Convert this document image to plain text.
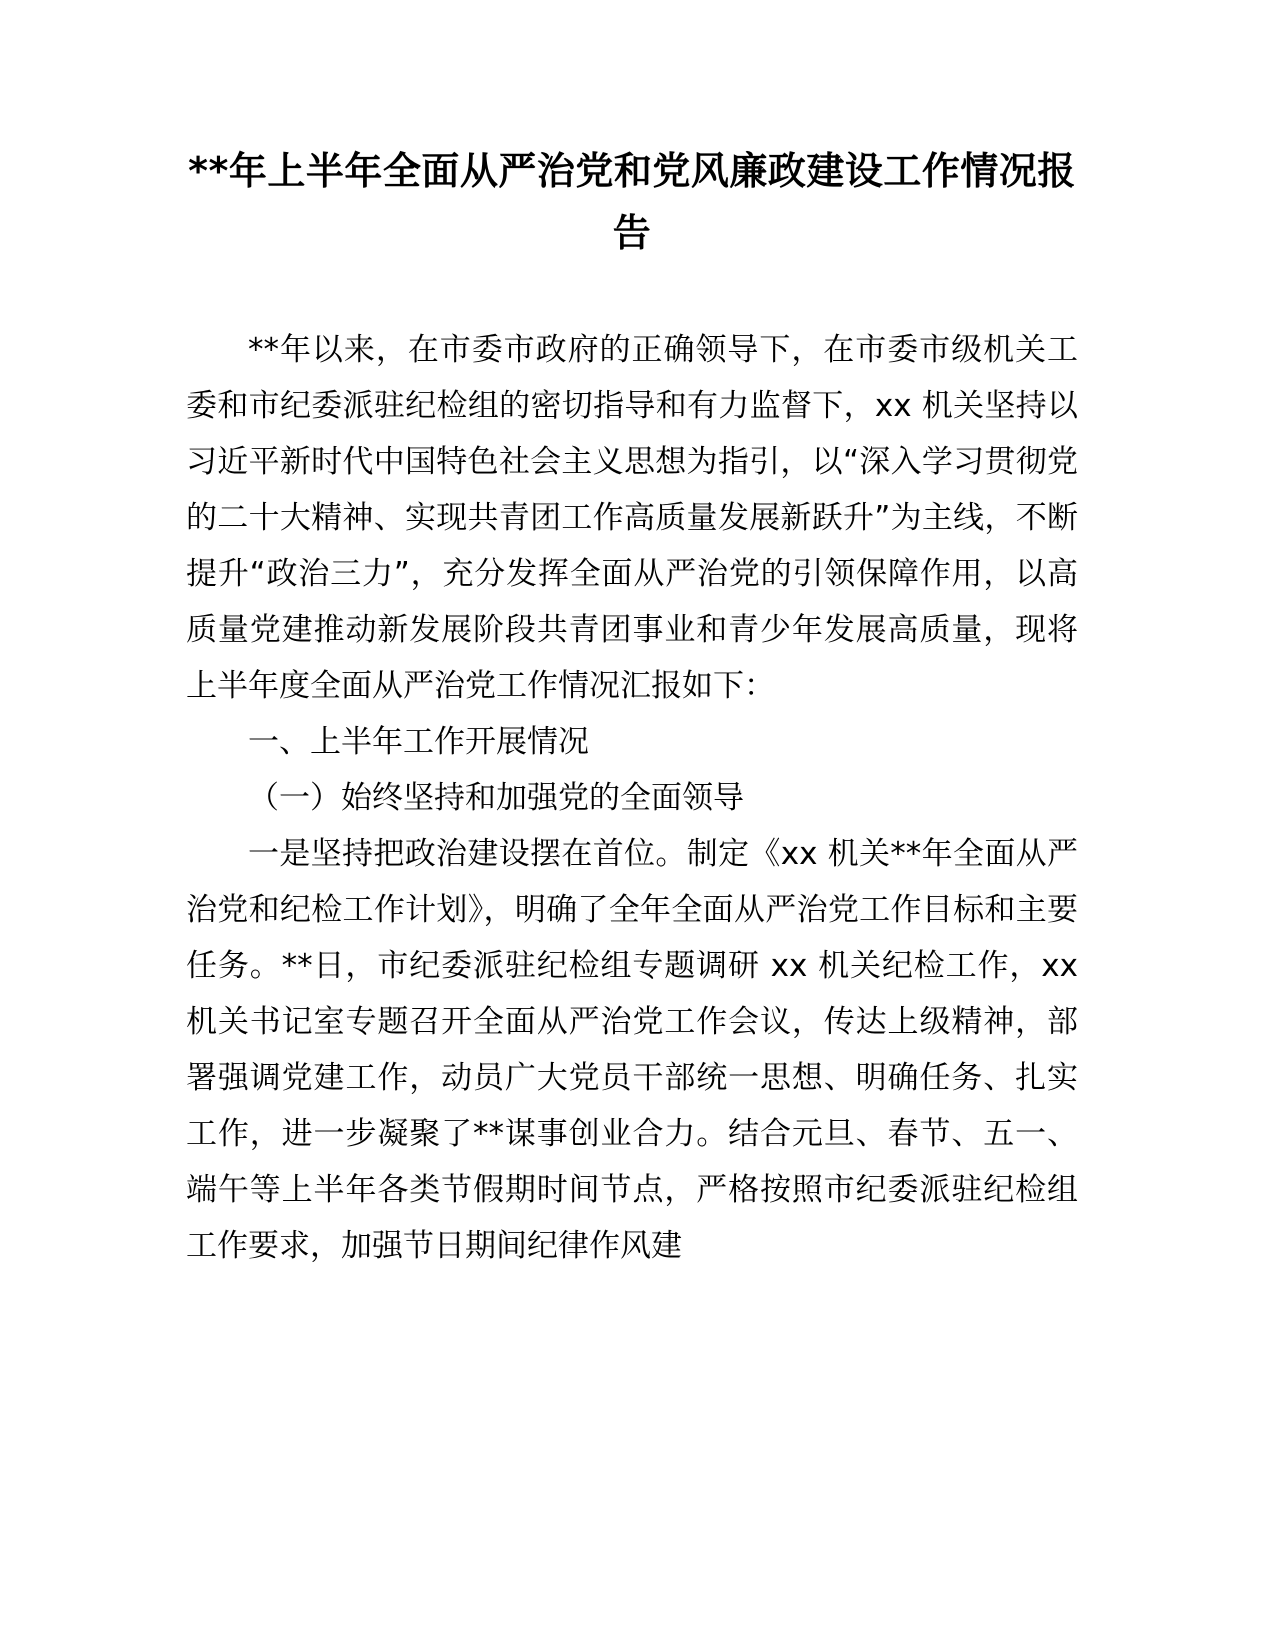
**年上半年全面从严治党和党风廉政建设工作情况报告

**年以来，在市委市政府的正确领导下，在市委市级机关工委和市纪委派驻纪检组的密切指导和有力监督下，xx 机关坚持以习近平新时代中国特色社会主义思想为指引，以“深入学习贯彻党的二十大精神、实现共青团工作高质量发展新跃升”为主线，不断提升“政治三力”，充分发挥全面从严治党的引领保障作用，以高质量党建推动新发展阶段共青团事业和青少年发展高质量，现将上半年度全面从严治党工作情况汇报如下：

一、上半年工作开展情况

（一）始终坚持和加强党的全面领导

一是坚持把政治建设摆在首位。制定《xx 机关**年全面从严治党和纪检工作计划》，明确了全年全面从严治党工作目标和主要任务。**日，市纪委派驻纪检组专题调研 xx 机关纪检工作，xx 机关书记室专题召开全面从严治党工作会议，传达上级精神，部署强调党建工作，动员广大党员干部统一思想、明确任务、扎实工作，进一步凝聚了**谋事创业合力。结合元旦、春节、五一、端午等上半年各类节假期时间节点，严格按照市纪委派驻纪检组工作要求，加强节日期间纪律作风建
